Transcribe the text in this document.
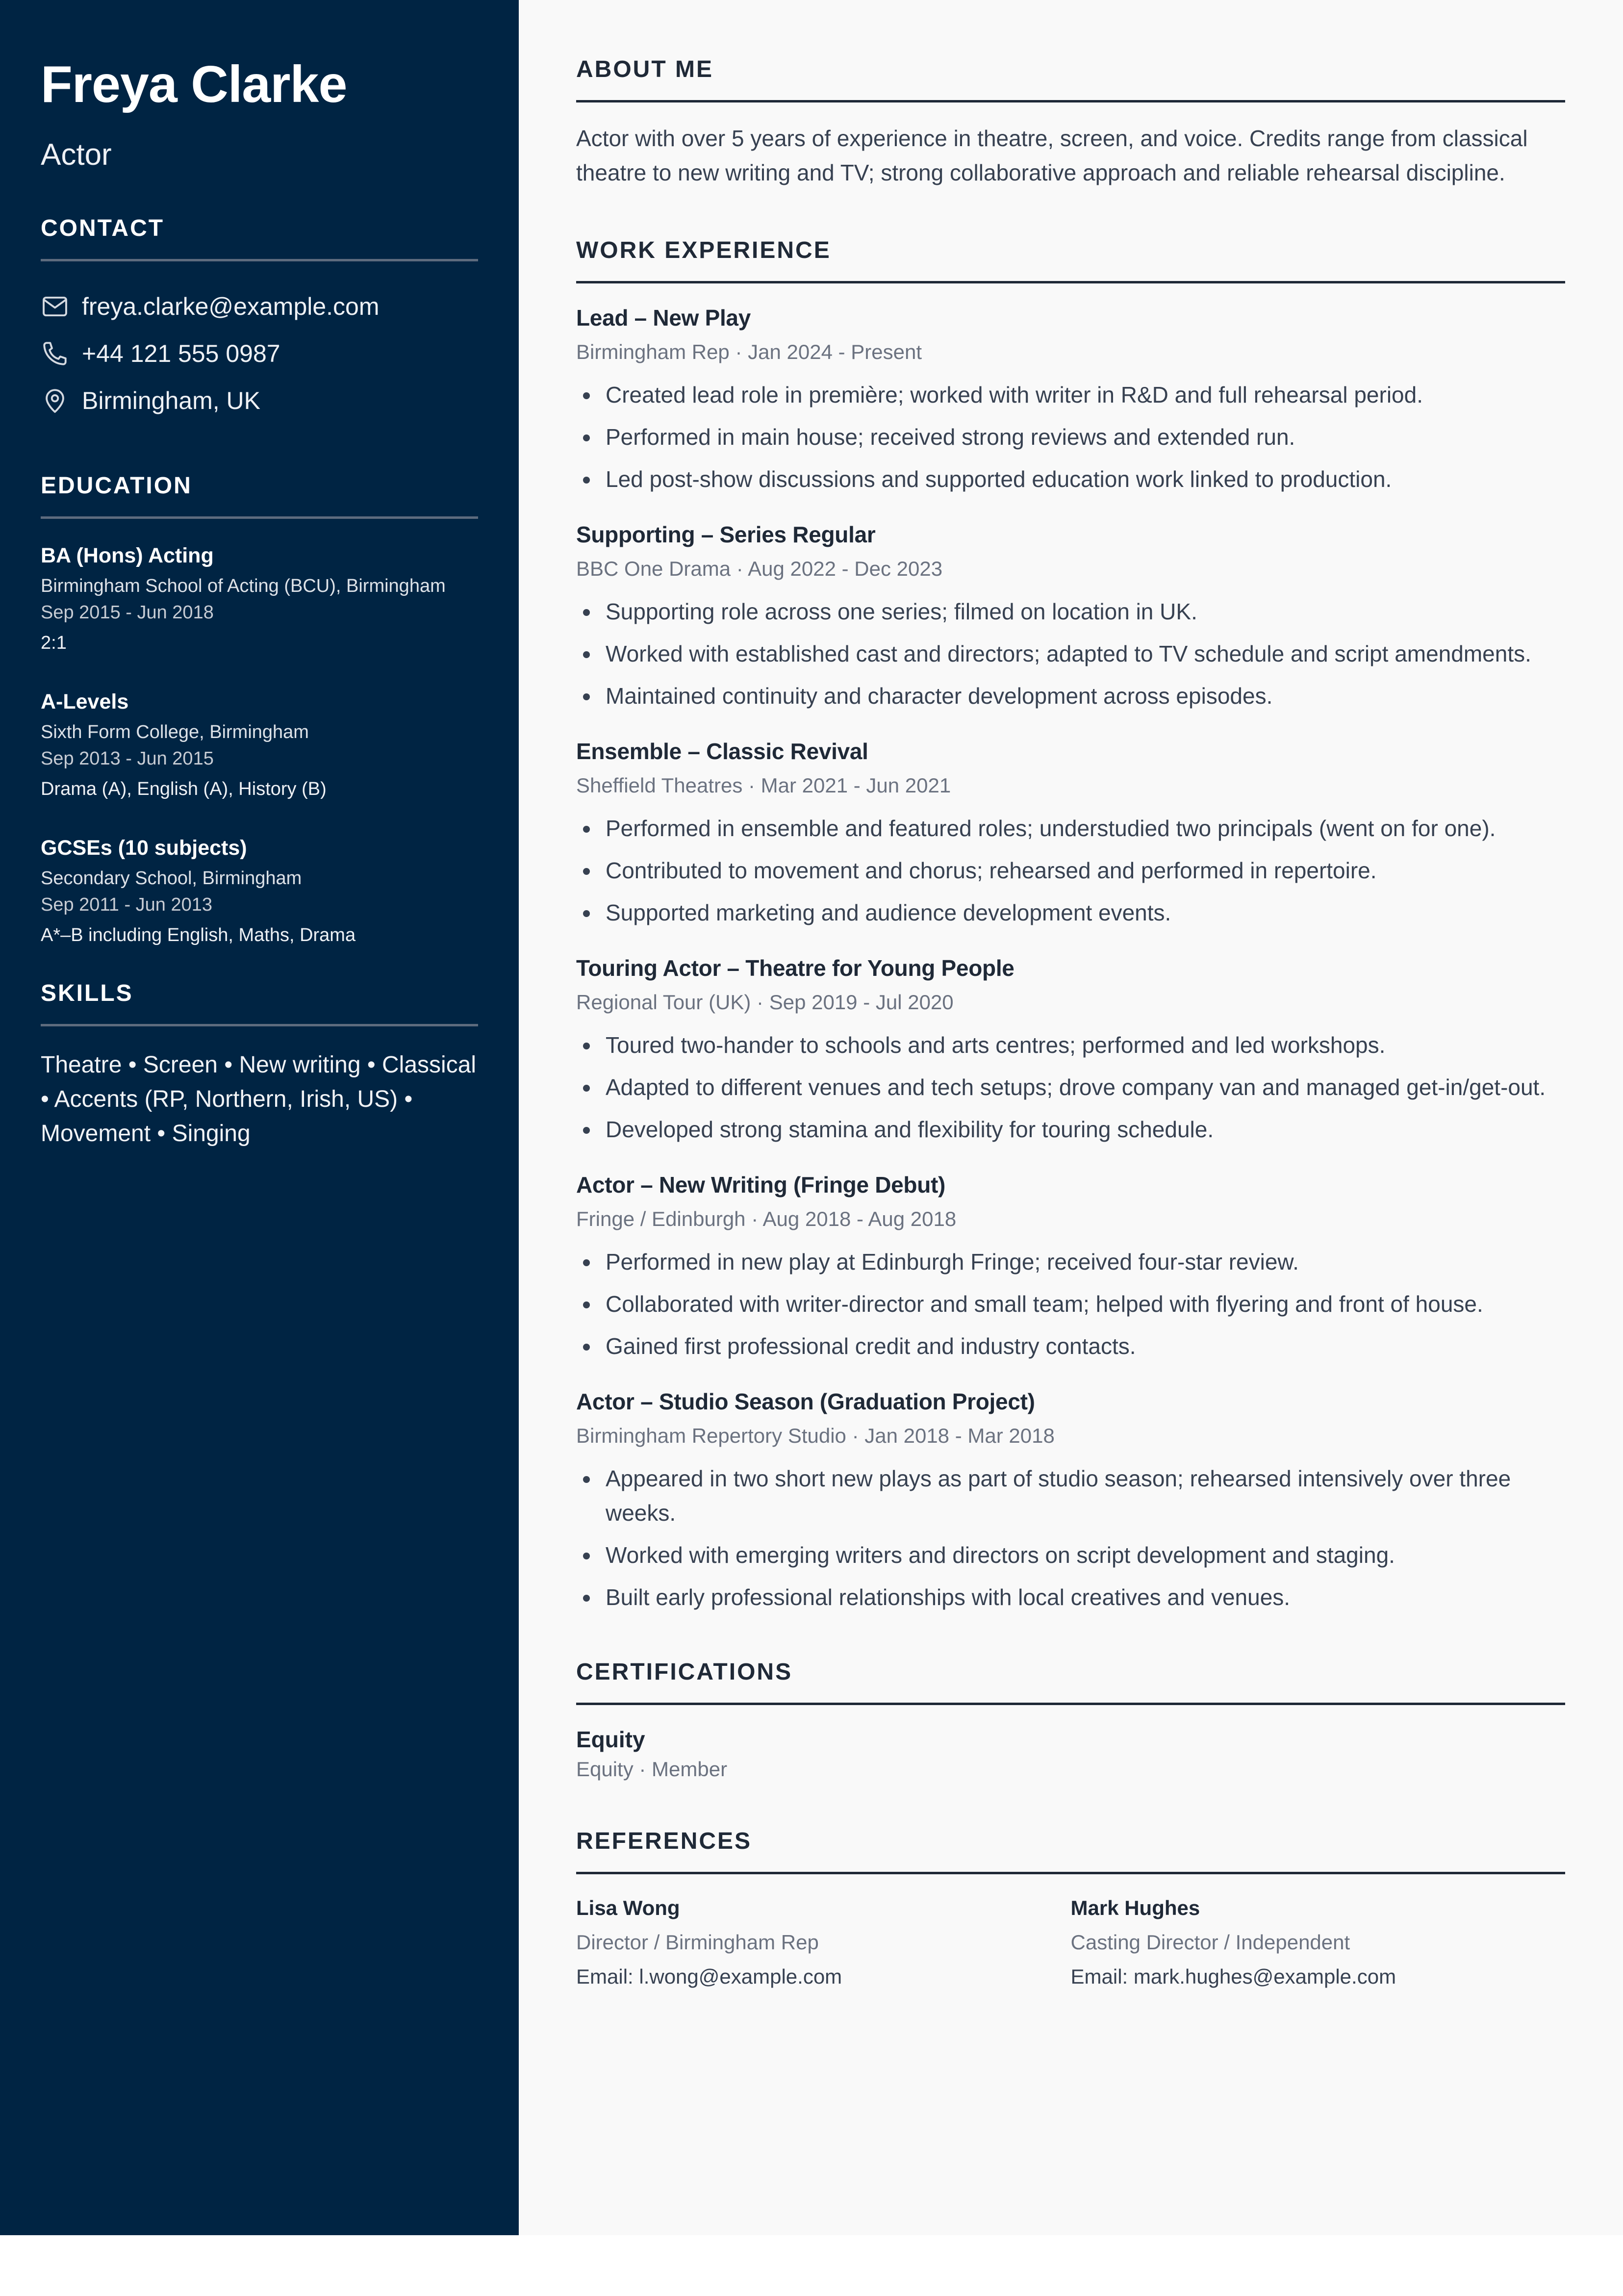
Freya Clarke
Actor
CONTACT
freya.clarke@example.com
+44 121 555 0987
Birmingham, UK
EDUCATION
BA (Hons) Acting
Birmingham School of Acting (BCU), Birmingham
Sep 2015 - Jun 2018
2:1
A-Levels
Sixth Form College, Birmingham
Sep 2013 - Jun 2015
Drama (A), English (A), History (B)
GCSEs (10 subjects)
Secondary School, Birmingham
Sep 2011 - Jun 2013
A*–B including English, Maths, Drama
SKILLS

Theatre • Screen • New writing • Classical • Accents (RP, Northern, Irish, US) • Movement • Singing

ABOUT ME

Actor with over 5 years of experience in theatre, screen, and voice. Credits range from classical theatre to new writing and TV; strong collaborative approach and reliable rehearsal discipline.

WORK EXPERIENCE
Lead – New Play
Birmingham Rep · Jan 2024 - Present
Created lead role in première; worked with writer in R&D and full rehearsal period.
Performed in main house; received strong reviews and extended run.
Led post-show discussions and supported education work linked to production.
Supporting – Series Regular
BBC One Drama · Aug 2022 - Dec 2023
Supporting role across one series; filmed on location in UK.
Worked with established cast and directors; adapted to TV schedule and script amendments.
Maintained continuity and character development across episodes.
Ensemble – Classic Revival
Sheffield Theatres · Mar 2021 - Jun 2021
Performed in ensemble and featured roles; understudied two principals (went on for one).
Contributed to movement and chorus; rehearsed and performed in repertoire.
Supported marketing and audience development events.
Touring Actor – Theatre for Young People
Regional Tour (UK) · Sep 2019 - Jul 2020
Toured two-hander to schools and arts centres; performed and led workshops.
Adapted to different venues and tech setups; drove company van and managed get-in/get-out.
Developed strong stamina and flexibility for touring schedule.
Actor – New Writing (Fringe Debut)
Fringe / Edinburgh · Aug 2018 - Aug 2018
Performed in new play at Edinburgh Fringe; received four-star review.
Collaborated with writer-director and small team; helped with flyering and front of house.
Gained first professional credit and industry contacts.
Actor – Studio Season (Graduation Project)
Birmingham Repertory Studio · Jan 2018 - Mar 2018
Appeared in two short new plays as part of studio season; rehearsed intensively over three weeks.
Worked with emerging writers and directors on script development and staging.
Built early professional relationships with local creatives and venues.
CERTIFICATIONS
Equity
Equity · Member
REFERENCES
Lisa Wong
Director / Birmingham Rep
Email: l.wong@example.com
Mark Hughes
Casting Director / Independent
Email: mark.hughes@example.com
